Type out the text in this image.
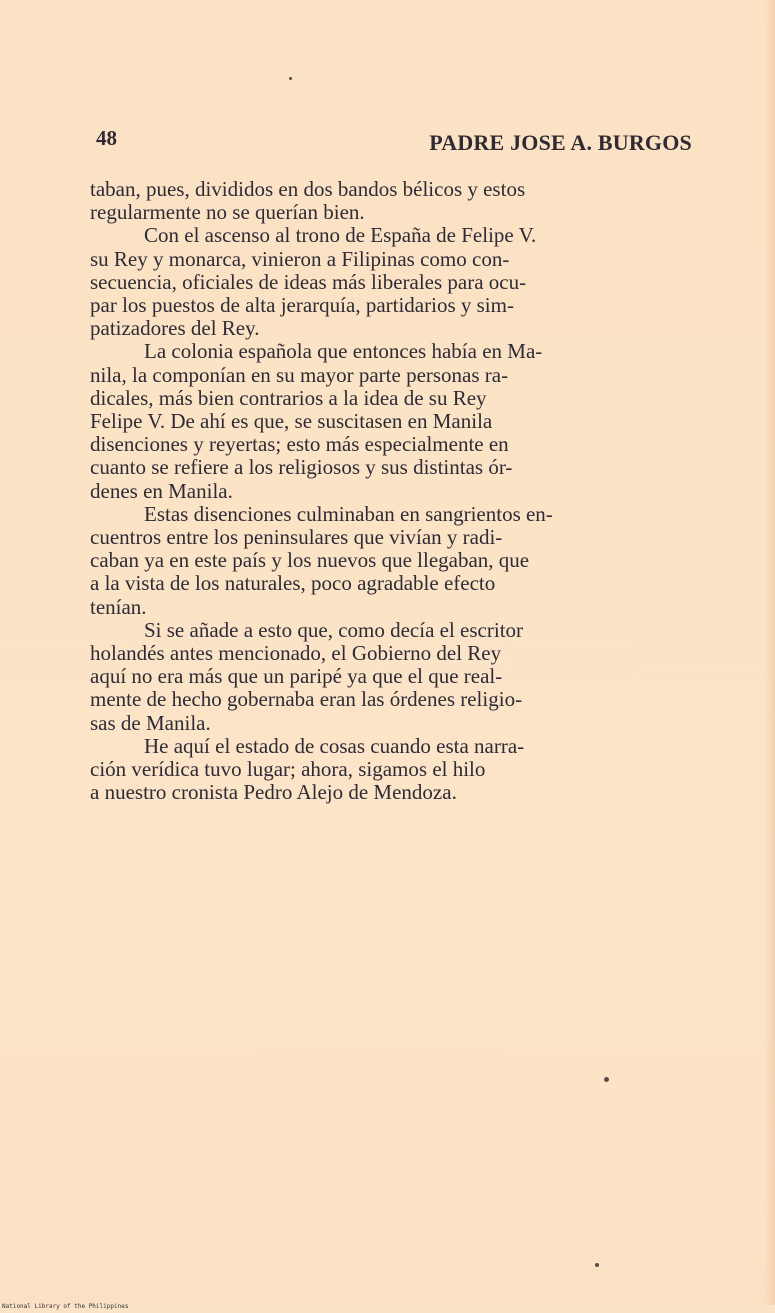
48	PADRE JOSE A. BURGOS

taban, pues, divididos en dos bandos bélicos y estos
regularmente no se querían bien.

Con el ascenso al trono de España de Felipe V.
su Rey y monarca, vinieron a Filipinas como con-
secuencia, oficiales de ideas más liberales para ocu-
par los puestos de alta jerarquía, partidarios y sim-
patizadores del Rey.

La colonia española que entonces había en Ma-
nila, la componían en su mayor parte personas ra-
dicales, más bien contrarios a la idea de su Rey
Felipe V. De ahí es que, se suscitasen en Manila
disenciones y reyertas; esto más especialmente en
cuanto se refiere a los religiosos y sus distintas ór-
denes en Manila.

Estas disenciones culminaban en sangrientos en-
cuentros entre los peninsulares que vivían y radi-
caban ya en este país y los nuevos que llegaban, que
a la vista de los naturales, poco agradable efecto
tenían.

Si se añade a esto que, como decía el escritor
holandés antes mencionado, el Gobierno del Rey
aquí no era más que un paripé ya que el que real-
mente de hecho gobernaba eran las órdenes religio-
sas de Manila.

He aquí el estado de cosas cuando esta narra-
ción verídica tuvo lugar; ahora, sigamos el hilo
a nuestro cronista Pedro Alejo de Mendoza.

National Library of the Philippines
